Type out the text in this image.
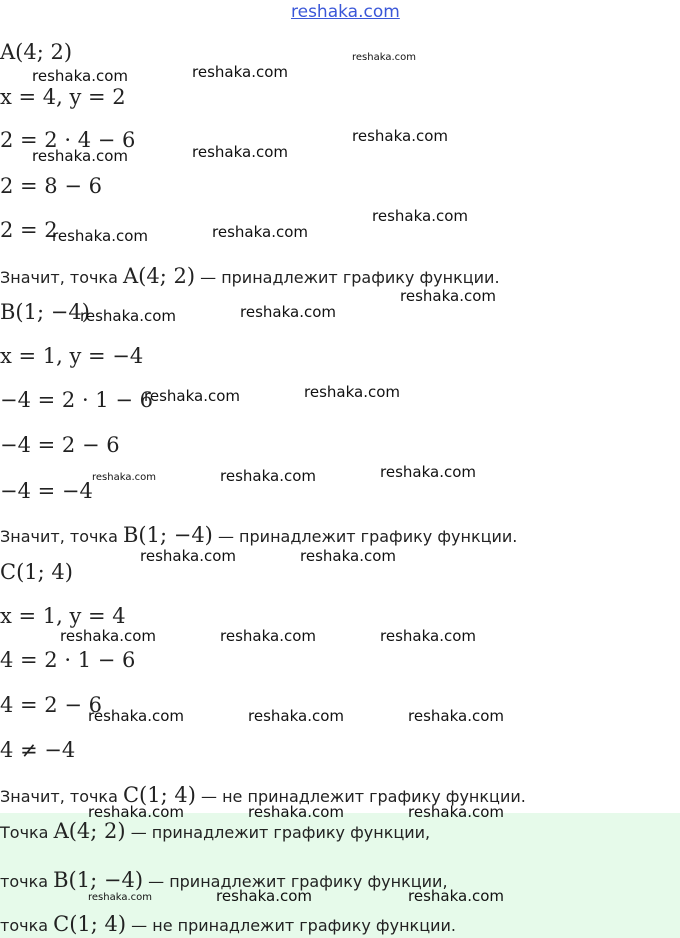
reshaka.com
A(4; 2)
x = 4, y = 2
2 = 2 · 4 − 6
2 = 8 − 6
2 = 2
Значит, точка A(4; 2) — принадлежит графику функции.
B(1; −4)
x = 1, y = −4
−4 = 2 · 1 − 6
−4 = 2 − 6
−4 = −4
Значит, точка B(1; −4) — принадлежит графику функции.
C(1; 4)
x = 1, y = 4
4 = 2 · 1 − 6
4 = 2 − 6
4 ≠ −4
Значит, точка C(1; 4) — не принадлежит графику функции.
Точка A(4; 2) — принадлежит графику функции,
точка B(1; −4) — принадлежит графику функции,
точка C(1; 4) — не принадлежит графику функции.
reshaka.com
reshaka.com	reshaka.com
reshaka.com
reshaka.com	reshaka.com
reshaka.com
reshaka.com	reshaka.com
reshaka.com
reshaka.com	reshaka.com
reshaka.com
reshaka.com
reshaka.com
reshaka.com	reshaka.com
reshaka.com	reshaka.com
reshaka.com	reshaka.com	reshaka.com
reshaka.com	reshaka.com	reshaka.com
reshaka.com	reshaka.com	reshaka.com
reshaka.com	reshaka.com	reshaka.com
